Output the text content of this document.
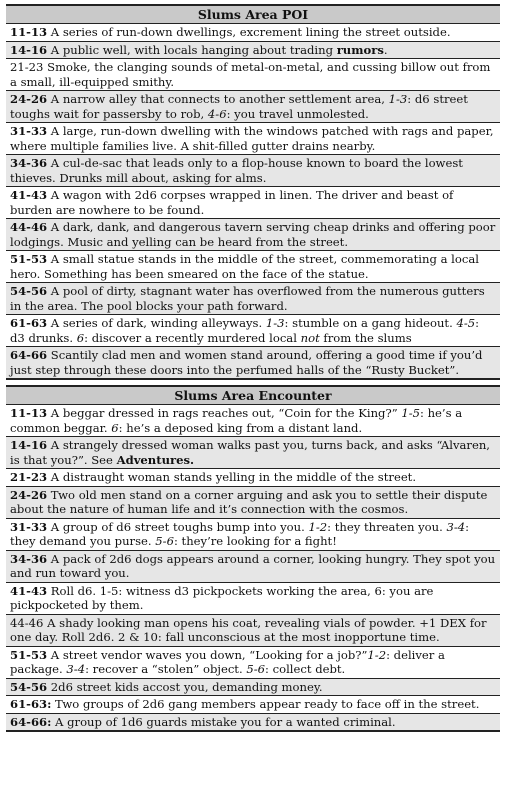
Slums Area POI
11-13 A series of run-down dwellings, excrement lining the street outside.
14-16 A public well, with locals hanging about trading rumors.
21-23 Smoke, the clanging sounds of metal-on-metal, and cussing billow out from a small, ill-equipped smithy.
24-26 A narrow alley that connects to another settlement area, 1-3: d6 street toughs wait for passersby to rob, 4-6: you travel unmolested.
31-33 A large, run-down dwelling with the windows patched with rags and paper, where multiple families live. A shit-filled gutter drains nearby.
34-36 A cul-de-sac that leads only to a flop-house known to board the lowest thieves. Drunks mill about, asking for alms.
41-43 A wagon with 2d6 corpses wrapped in linen. The driver and beast of burden are nowhere to be found.
44-46 A dark, dank, and dangerous tavern serving cheap drinks and offering poor lodgings. Music and yelling can be heard from the street.
51-53 A small statue stands in the middle of the street, commemorating a local hero. Something has been smeared on the face of the statue.
54-56 A pool of dirty, stagnant water has overflowed from the numerous gutters in the area. The pool blocks your path forward.
61-63 A series of dark, winding alleyways. 1-3: stumble on a gang hideout. 4-5: d3 drunks. 6: discover a recently murdered local not from the slums
64-66 Scantily clad men and women stand around, offering a good time if you’d just step through these doors into the perfumed halls of the “Rusty Bucket”.
Slums Area Encounter
11-13 A beggar dressed in rags reaches out, “Coin for the King?” 1-5: he’s a common beggar. 6: he’s a deposed king from a distant land.
14-16 A strangely dressed woman walks past you, turns back, and asks “Alvaren, is that you?”. See Adventures.
21-23 A distraught woman stands yelling in the middle of the street.
24-26 Two old men stand on a corner arguing and ask you to settle their dispute about the nature of human life and it’s connection with the cosmos.
31-33 A group of d6 street toughs bump into you. 1-2: they threaten you. 3-4: they demand you purse. 5-6: they’re looking for a fight!
34-36 A pack of 2d6 dogs appears around a corner, looking hungry. They spot you and run toward you.
41-43 Roll d6. 1-5: witness d3 pickpockets working the area, 6: you are pickpocketed by them.
44-46 A shady looking man opens his coat, revealing vials of powder. +1 DEX for one day. Roll 2d6. 2 & 10: fall unconscious at the most inopportune time.
51-53 A street vendor waves you down, “Looking for a job?”1-2: deliver a package. 3-4: recover a “stolen” object. 5-6: collect debt.
54-56 2d6 street kids accost you, demanding money.
61-63: Two groups of 2d6 gang members appear ready to face off in the street.
64-66: A group of 1d6 guards mistake you for a wanted criminal.
